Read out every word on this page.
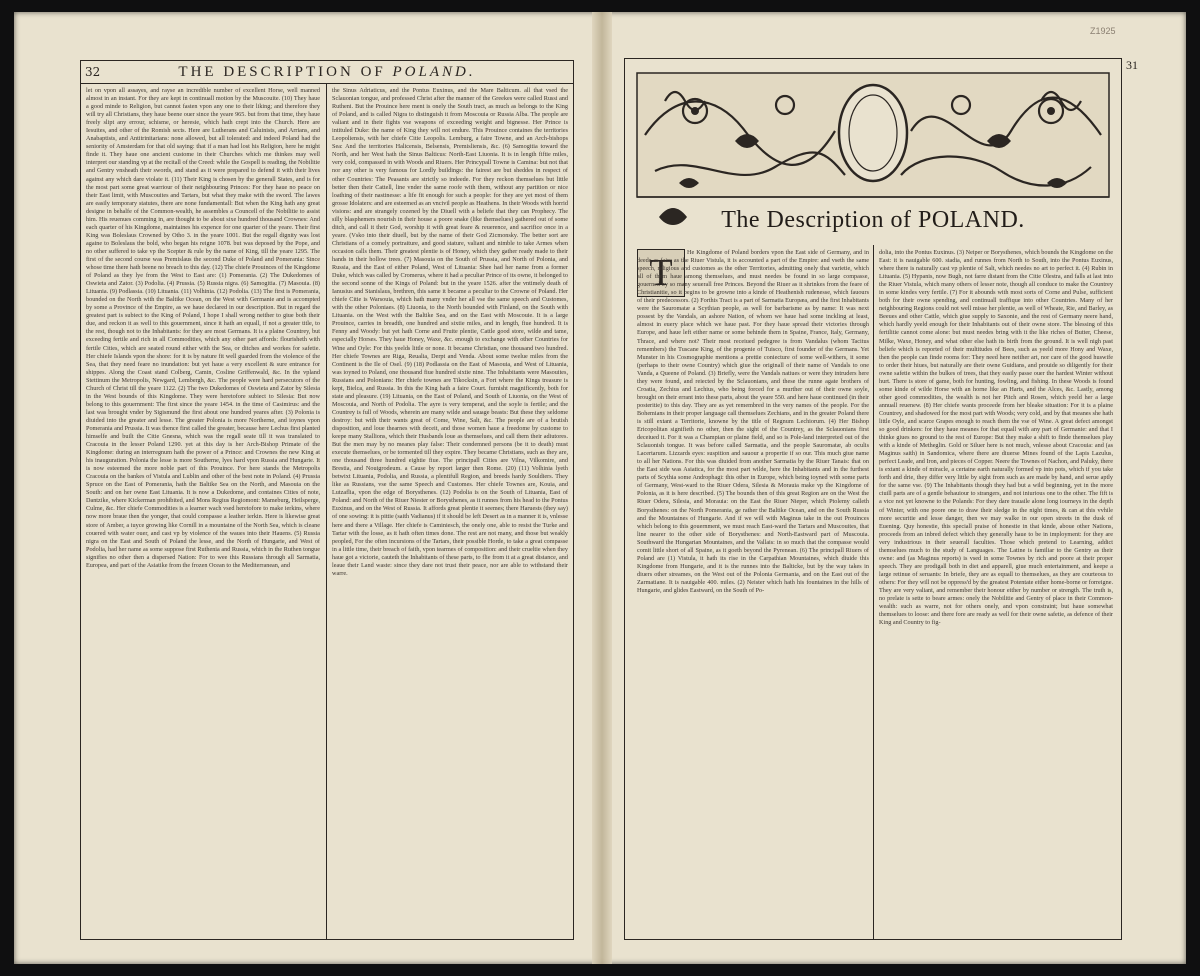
32	THE DESCRIPTION OF POLAND.

let on vpon all assayes, and rayse an incredible number of excellent Horse, well manned almost in an instant. For they are kept in continuall motion by the Muscouite. (10) They haue a good minde to Religion, but cannot fasten vpon any one to their liking; and therefore they will try all Christians, they haue beene ouer since the yeare 965. but from that time, they haue freely slipt any errour, schisme, or heresie, which hath crept into the Church. Here are Iesuites, and other of the Romish sects. Here are Lutherans and Caluinists, and Arrians, and Anabaptists, and Antitrinitarians: none allowed, but all tolerated: and indeed Poland had the seniority of Amsterdam for that old saying: that if a man had lost his Religion, here he might finde it. They haue one ancient custome in their Churches which me thinkes may well interpret our standing vp at the recitall of the Creed: while the Gospell is reading, the Nobilitie and Gentry vnsheath their swords, and stand as it were prepared to defend it with their lives against any which dare violate it. (11) Their King is chosen by the generall States, and is for the most part some great warriour of their neighbouring Princes: For they haue no peace on their East limit, with Muscouites and Tartars, but what they make with the sword. The lawes are easily temporary statutes, there are none fundamentall: But when the King hath any great designe in behalfe of the Common-wealth, he assembles a Councell of the Nobilitie to assist him. His reuenues comming in, are thought to be about sixe hundred thousand Crownes: And each quarter of his Kingdome, maintaines his expence for one quarter of the yeare. Their first King was Boleslaus Crowned by Otho 3. in the yeare 1001. But the regall dignity was lost againe to Boleslaus the bold, who began his reigne 1078. but was deposed by the Pope, and no other suffered to take vp the Scepter & rule by the name of King, till the yeare 1295. The first of the second course was Premislaus the second Duke of Poland and Pomerania: Since whose time there hath beene no breach to this day. (12) The chiefe Prouinces of the Kingdome of Poland as they lye from the West to East are: (1) Pomerania. (2) The Dukedomes of Oswieta and Zator. (3) Podolia. (4) Prussia. (5) Russia nigra. (6) Samogitia. (7) Masouia. (8) Lituania. (9) Podlassia. (10) Lituania. (11) Volhinia. (12) Podolia. (13) The first is Pomerania, bounded on the North with the Baltike Ocean, on the West with Germanie and is accompted by some a Province of the Empire, as we haue declared in our description. But in regard the greatest part is subiect to the King of Poland, I hope I shall wrong neither to giue both their due, and reckon it as well to this gouernment, since it hath an equall, if not a greater title, to the rest, though not to the Inhabitants: for they are most Germans. It is a plaine Countrey, but exceeding fertile and rich in all Commodities, which any other part affords: flourisheth with fertile Cities, which are seated round either with the Sea, or ditches and workes for safetie. Her chiefe Islands vpon the shore: for it is by nature fit well guarded from the violence of the Sea, that they need feare no inundation: but yet haue a very excellent & sure entrance for shippes. Along the Coast stand Colberg, Camin, Cosline Griffenwald, &c. In the vpland Stettinum the Metropolis, Newgard, Lembergh, &c. The people were hard persecutors of the Church of Christ till the yeare 1122. (2) The two Dukedomes of Oswieta and Zator by Silesia in the West bounds of this Kingdome. They were heretofore subiect to Silesia: But now belong to this gouernment: The first since the yeare 1454. in the time of Casimirus: and the last was brought vnder by Sigismund the first about one hundred yeares after. (3) Polonia is diuided into the greater and lesse. The greater Polonia is more Northerne, and ioynes vpon Pomerania and Prussia. It was thence first called the greater, because here Lechus first planted himselfe and built the Citie Gnesna, which was the regall seate till it was translated to Cracouia in the lesser Poland 1290. yet at this day is her Arch-Bishop Primate of the Kingdome: during an interregnum hath the power of a Prince: and Crownes the new King at his inauguration. Polonia the lesse is more Southerne, lyes hard vpon Russia and Hungarie. It is now esteemed the more noble part of this Prouince. For here stands the Metropolis Cracouia on the bankes of Vistula and Lublin and other of the best note in Poland. (4) Prussia Spruce on the East of Pomerania, hath the Baltike Sea on the North, and Masouia on the South: and on her owne East Lituania. It is now a Dukedome, and containes Cities of note, Dantzike, where Kickerman prohibited, and Mons Regius Regiomont: Mameburg, Heilsperge, Culme, &c. Her chiefe Commodities is a learner wach vsed heretofore to make ierkins, where now more braue then the yonger, that could compasse a leather ierkin. Here is likewise great store of Amber, a iuyce growing like Cornill in a mountaine of the North Sea, which is cleane couered with water ouer, and cast vp by violence of the waues into their Hauens. (5) Russia nigra on the East and South of Poland the lesse, and the North of Hungarie, and West of Podolia, had her name as some suppose first Ruthenia and Russia, which in the Ruthen tongue signifies no other then a dispersed Nation: For to wee this Russians through all Sarmatia, Europea, and part of the Asiatike from the frozen Ocean to the Mediterranean, and

the Sinus Adriaticus, and the Pontus Euxinus, and the Mare Balticum. all that vsed the Sclauonian tongue, and professed Christ after the manner of the Greekes were called Russi and Rutheni. But the Prouince here ment is onely the South tract, as much as belongs to the King of Poland, and is called Nigra to distinguish it from Moscouia or Russia Alba. The people are valiant and in their fights vse weapons of exceeding weight and bignesse. Her Prince is intituled Duke: the name of King they will not endure. This Prouince containes the territories Leopoliensis, with her chiefe Citie Leopolis. Lemburg, a faire Towne, and an Arch-bishops Sea: And the territories Halicensis, Belsensis, Premisliensis, &c. (6) Samogitia toward the North, and her West hath the Sinus Balticus: North-East Liuonia. It is in length fiftie miles, very cold, compassed in with Woods and Riuers. Her Princypall Towne is Camina: but not that nor any other is very famous for Lordly buildings: the fairest are but sheddes in respect of other Countries: The Peasants are strictly so indeede. For they reckon themselues but little better then their Cattell, line vnder the same roofe with them, without any partition or nice loathing of their nastinesse: a life fit enough for such a people: for they are yet most of them grosse Idolaters: and are esteemed as an vncivil people as Heathens. In their Woods with horrid visions: and are strangely cozened by the Diuell with a beliefe that they can Prophecy. The silly blasphemers nourish in their house a poore snake (like themselues) gathered out of some ditch, and call it their God, worship it with great feare & reuerence, and sacrifice once in a yeare. (Vsko into their diuell, but by the name of their God Zicmonsky. The better sort are Christians of a comely portraiture, and good stature, valiant and nimble to take Armes when occasion calls them. Their greatest plentie is of Honey, which they gather ready made to their hands in their hollow trees. (7) Masouia on the South of Prussia, and North of Polonia, and Russia, and the East of either Poland, West of Lituania: Shee had her name from a former Duke, which was called by Cromerus, where it had a peculiar Prince of its owne, it belonged to the second sonne of the Kings of Poland: but in the yeare 1526. after the vntimely death of Ianusius and Stanislaus, brethren, this same it became a peculiar to the Crowne of Poland. Her chiefe Citie is Warsouia, which hath many vnder her all vse the same speech and Customes, with the other Poloniaes. (8) Liuonia, to the North bounded with Finland, on the South with Lituania. on the West with the Baltike Sea, and on the East with Moscouie. It is a large Prouince, carries in breadth, one hundred and sixtie miles, and in length, fiue hundred. It is Fenny and Woody: but yet hath Corne and Fruite plentie, Cattle good store, wilde and tame, especially Horses. They haue Honey, Waxe, &c. enough to exchange with other Countries for Wine and Oyle: For this yeelds little or none. It became Christian, one thousand two hundred. Her chiefe Townes are Riga, Reualia, Derpt and Venda. About some twelue miles from the Continent is the Ile of Osel. (9) (18) Podlassia on the East of Masouia, and West of Lituania, was ioyned to Poland, one thousand fiue hundred sixtie nine. The Inhabitants were Masouites, Russians and Polonians: Her chiefe townes are Tikocksin, a Fort where the Kings treasure is kept, Bielca, and Russia. In this the King hath a faire Court. furnisht magnificently, both for state and pleasure. (19) Lituania, on the East of Poland, and South of Liuonia, on the West of Moscouia, and North of Podolia. The ayre is very temperat, and the soyle is fertile; and the Countrey is full of Woods, wherein are many wilde and sauage beasts: But these they seldome destroy: but with their wants great of Come, Wine, Salt, &c. The people are of a brutish disposition, and loue thearnes with deceit, and those women haue a freedome by custome to keepe many Stallions, which their Husbands loue as themselues, and call them their adiutores. But the men may by no meanes play false: Their condemned persons (be it to death) must execute themselues, or be tormented till they expire. They became Christians, such as they are, one thousand three hundred eightie fiue. The principall Cities are Vilna, Vilkomire, and Brestia, and Nouigrodeum. a Cause by report larger then Rome. (20) (11) Volhinia lyeth betwixt Lituania, Podolia, and Russia, a plentifull Region, and breeds hardy Souldiers. They like as Russians, vse the same Speech and Customes. Her chiefe Townes are, Kouia, and Lutzaflia, vpon the edge of Borysthenes. (12) Podolia is on the South of Lituania, East of Poland: and North of the Riuer Niester or Borysthenes, as it runnes from his head to the Pontus Euxinus, and on the West of Russia. It affords great plentie it seemes; there Haruests (they say) of one sowing: it is pittie (saith Vadianus) if it should be left Desert as in a manner it is, vnlesse here and there a Village. Her chiefe is Caminiesch, the onely one, able to resist the Turke and Tartar with the losse, as it hath often times done. The rest are not many, and those but weakly peopled, For the often incursions of the Tartars, their possible Horde, to take a great compasse in a little time, their breach of faith, vpon tearmes of composition: and their crueltie when they haue got a victorie, cauteth the Inhabitants of these parts, to flie from it at a great distance, and leaue their Land waste: since they dare not trust their peace, nor are able to withstand their warre.

Z1925
31
The Description of POLAND.
T	He Kingdome of Poland borders vpon the East side of Germany, and in deede as faire as the Riuer Vistula, it is accounted a part of the Empire: and vseth the same speech, religious and customes as the other Territories, admitting onely that varietie, which all of them haue among themselues, and must needes be found in so large compasse, gouerned by so many seuerall free Princes. Beyond the Riuer as it shrinkes from the feare of Christianitie, so it begins to be growne into a kinde of Heathenish rudenesse, which fauours of their predecessors. (2) Forthis Tract is a part of Sarmatia Europæa, and the first Inhabitants were the Sauromatæ a Scythian people, as well for barbarisme as by name: It was next possest by the Vandals, an ashore Nation, of whom we haue had some inckling at least, almost in euery place which we haue past. For they haue spread their victories through Europe, and haue left either name or some behinde them in Spaine, France, Italy, Germany, Thrace, and where not? Their most receiued pedegree is from Vandalus (whom Tacitus remembers) the Tuscane King, of the progenie of Tuisco, first founder of the Germans. Yet Munster in his Cosmographie mentions a prettie coniecture of some well-withers, it some (perhaps to their owne Country) which giue the originall of their name of Vandals to one Vanda, a Queene of Poland. (3) Briefly, were the Vandals natiues or were they intruders here they were found, and reiected by the Sclauonians, and these the runne agate brothers of Croatia, Zechius and Lechius, who being forced for a murther out of their owne soyle, brought on their errant into these parts, about the yeare 550. and here haue continued (in their posteritie) to this day. They are as yet remembred in the very names of the people. For the Bohemians in their proper language call themselues Zechians, and in the greater Poland there is still extant a Territorie, knowne by the title of Regnum Lechiorum. (4) Her Bishop Ericopolitan signifieth no other, then the sight of the Countrey, as the Sclauonians first deceiued it. For it was a Champian or plaine field, and so is Pole-land interpreted out of the Sclauonish tongue. It was before called Sarmatia, and the people Sauromatæ, ab oculis Lacertarum. Lizzards eyes: suspition and sauour a propertie if so our. This much giue name to all her Nations. For this was diuided from another Sarmatia by the Riuer Tanais: that on the East side was Asiatica, for the most part wilde, here the Inhabitants and in the furthest parts of Scythia some Androphagi: this other in Europe, which being ioyned with some parts of Germany, West-ward to the Riuer Odera, Silesia & Morauia make vp the Kingdome of Polonia, as it is here described. (5) The bounds then of this great Region are on the West the Riuer Odera, Silesia, and Morauia: on the East the Riuer Nieper, which Ptolemy calleth Borysthenes: on the North Pomerania, ge rather the Baltike Ocean, and on the South Russia and the Mountaines of Hungarie. And if we will with Maginus take in the out Prouinces which belong to this gouernment, we must reach East-ward the Tartars and Muscouites, that line nearer to the other side of Borysthenes: and North-Eastward part of Muscouia. Southward the Hungarian Mountaines, and the Vallais: in so much that the compasse would comit little short of all Spaine, as it goeth beyond the Pyrenean. (6) The principall Riuers of Poland are (1) Vistula, it hath its rise in the Carpathian Mountaines, which diuide this Kingdome from Hungarie, and it is the runnes into the Balticke, but by the way takes in diuers other streames, on the West out of the Polonia Germania, and on the East out of the Zarmatiane. It is nauigable 400. miles. (2) Neister which hath his fountaines in the hills of Hungarie, and glides Eastward, on the South of Po-

dolia, into the Pontus Euxinus. (3) Neiper or Borysthenes, which bounds the Kingdome on the East: it is nauigable 600. stadia, and runnes from North to South, into the Pontus Euxinus, where there is naturally cast vp plentie of Salt, which needes no art to perfect it. (4) Rubin in Lituania. (5) Hypanis, now Bugh, not farre distant from the Citie Olestra, and falls at last into the Riuer Vistula, which many others of lesser note, though all conduce to make the Countrey in some kindes very fertile. (7) For it abounds with most sorts of Corne and Pulse, sufficient both for their owne spending, and continuall traffique into other Countries. Many of her neighbouring Regions could not well misse her plentie, as well of Wheate, Rie, and Barley, as Beeues and other Cattle, which giue supply to Saxonie, and the rest of Germany neere hand, which hardly yeeld enough for their Inhabitants out of their owne store. The blessing of this fertilitie cannot come alone: but must needes bring with it the like riches of Butter, Cheese, Milke, Waxe, Honey, and what other else hath its birth from the ground. It is well nigh past beliefe which is reported of their multitudes of Bees, such as yeeld more Hony and Waxe, then the people can finde rooms for: They need here neither art, nor care of the good huswife to order their hiues, but naturally are their owne Guidians, and prouide so diligently for their owne safetie within the bulkes of trees, that they easily passe ouer the hardest Winter without hurt. There is store of game, both for hunting, fowling, and fishing. In these Woods is found some kinde of wilde Horse with an horne like an Harts, and the Alces, &c. Lastly, among other good commodities, the wealth is not her Pitch and Rosen, which yeeld her a large annuall reuenew. (8) Her chiefe wants proceede from her bleake situation: For it is a plaine Countrey, and shadowed for the most part with Woods; very cold, and by that meanes she hath little Oyle, and scarce Grapes enough to reach them the vse of Wine. A great defect amongst so good drinkers: for they haue meanes for that equall with any part of Germanie: and that I thinke giues no ground to the rest of Europe: But they make a shift to finde themselues play with a kinde of Metheglin. Gold or Siluer here is not much, vnlesse about Cracouia: and (as Maginus saith) in Sandomica, where there are diuerse Mines found of the Lapis Lazulus, perfect Leade, and Iron, and pieces of Copper. Neere the Townes of Nachon, and Paluky, there is extant a kinde of miracle, a certaine earth naturally formed vp into pots, which if you take forth and drie, they differ very little by sight from such as are made by hand, and serue aptly for the same vse. (9) The Inhabitants though they had but a wild beginning, yet in the more ciuill parts are of a gentle behauiour to strangers, and not iniurious one to the other. The fift is a vice not yet knowne to the Polands: For they dare trauaile alone long iourneys in the depth of Winter, with one poore one to draw their sledge in the night times, & can at this vvhile more securitie and lesse danger, then we may walke in our open streets in the dusk of Euening. Quy honestie, this speciall praise of honestie in that kinde, aboue other Nations, proceeds from an inbred defect which they generally haue to be in imployment: for they are very industrious in their seuerall faculties. Those which pretend to Learning, addict themselues much to the study of Languages. The Latine is familiar to the Gentry as their owne: and (as Maginus reports) is vsed in some Townes by rich and poore at their proper speech. They are prodigall both in diet and apparell, giue much entertainment, and keepe a large retinue of seruants: In briefe, they are as equall to themselues, as they are courteous to others: For they will not be oppress'd by the greatest Potentate either home-borne or forreigne. They are very valiant, and remember their honour either by number or strength. The truth is, no prelate is sette to beare armes: onely the Nobilitie and Gentry of place in their Common-wealth: such as warre, not for others onely, and vpon constraint; but haue somewhat themselues to loose: and there fore are ready as well for their owne safetie, as defence of their King and Country to fig-
